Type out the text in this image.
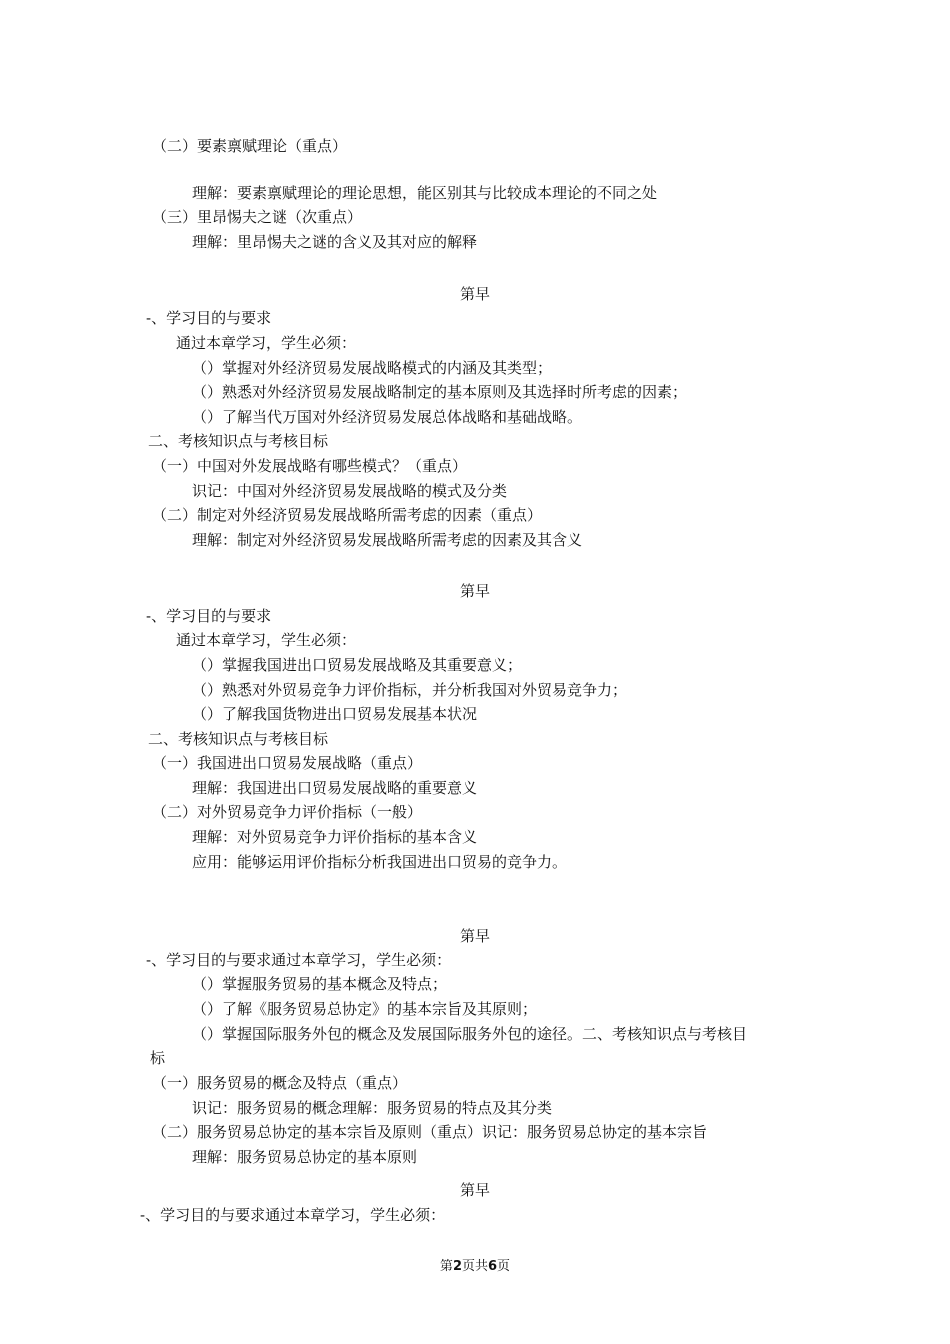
（二）要素禀赋理论（重点）
理解：要素禀赋理论的理论思想，能区别其与比较成本理论的不同之处
（三）里昂惕夫之谜（次重点）
理解：里昂惕夫之谜的含义及其对应的解释
第早
-、学习目的与要求
通过本章学习，学生必须：
（）掌握对外经济贸易发展战略模式的内涵及其类型；
（）熟悉对外经济贸易发展战略制定的基本原则及其选择时所考虑的因素；
（）了解当代万国对外经济贸易发展总体战略和基础战略。
二、考核知识点与考核目标
（一）中国对外发展战略有哪些模式？（重点）
识记：中国对外经济贸易发展战略的模式及分类
（二）制定对外经济贸易发展战略所需考虑的因素（重点）
理解：制定对外经济贸易发展战略所需考虑的因素及其含义
第早
-、学习目的与要求
通过本章学习，学生必须：
（）掌握我国进出口贸易发展战略及其重要意义；
（）熟悉对外贸易竞争力评价指标，并分析我国对外贸易竞争力；
（）了解我国货物进出口贸易发展基本状况
二、考核知识点与考核目标
（一）我国进出口贸易发展战略（重点）
理解：我国进出口贸易发展战略的重要意义
（二）对外贸易竞争力评价指标（一般）
理解：对外贸易竞争力评价指标的基本含义
应用：能够运用评价指标分析我国进出口贸易的竞争力。
第早
-、学习目的与要求通过本章学习，学生必须：
（）掌握服务贸易的基本概念及特点；
（）了解《服务贸易总协定》的基本宗旨及其原则；
（）掌握国际服务外包的概念及发展国际服务外包的途径。二、考核知识点与考核目
标
（一）服务贸易的概念及特点（重点）
识记：服务贸易的概念理解：服务贸易的特点及其分类
（二）服务贸易总协定的基本宗旨及原则（重点）识记：服务贸易总协定的基本宗旨
理解：服务贸易总协定的基本原则
第早
-、学习目的与要求通过本章学习，学生必须：
第2页共6页
